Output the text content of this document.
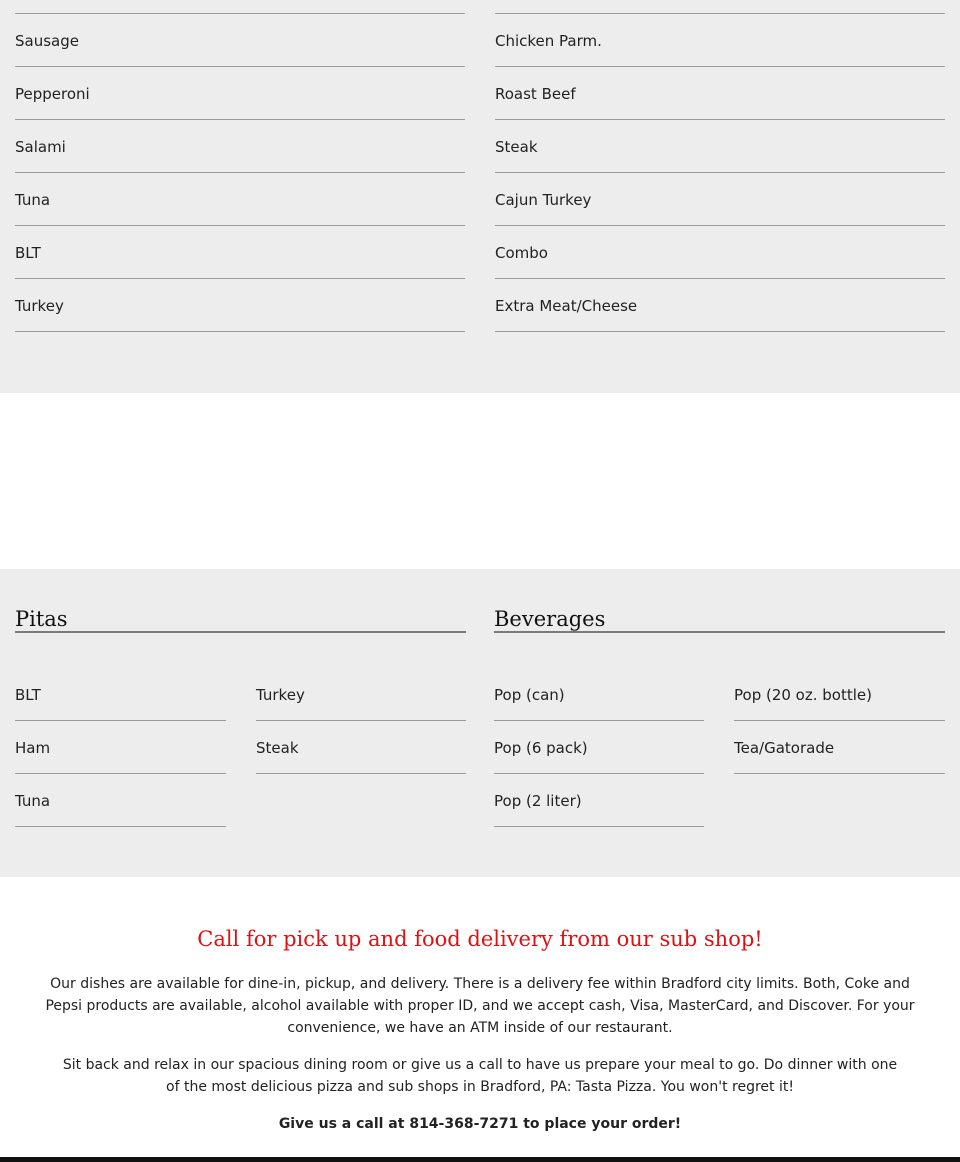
Sausage
Pepperoni
Salami
Tuna
BLT
Turkey
Chicken Parm.
Roast Beef
Steak
Cajun Turkey
Combo
Extra Meat/Cheese
Pitas	Beverages
BLT
Ham
Tuna
Turkey
Steak
Pop (can)
Pop (6 pack)
Pop (2 liter)
Pop (20 oz. bottle)
Tea/Gatorade
Call for pick up and food delivery from our sub shop!

Our dishes are available for dine-in, pickup, and delivery. There is a delivery fee within Bradford city limits. Both, Coke and Pepsi products are available, alcohol available with proper ID, and we accept cash, Visa, MasterCard, and Discover. For your convenience, we have an ATM inside of our restaurant.

Sit back and relax in our spacious dining room or give us a call to have us prepare your meal to go. Do dinner with one of the most delicious pizza and sub shops in Bradford, PA: Tasta Pizza. You won't regret it!

Give us a call at 814-368-7271 to place your order!
